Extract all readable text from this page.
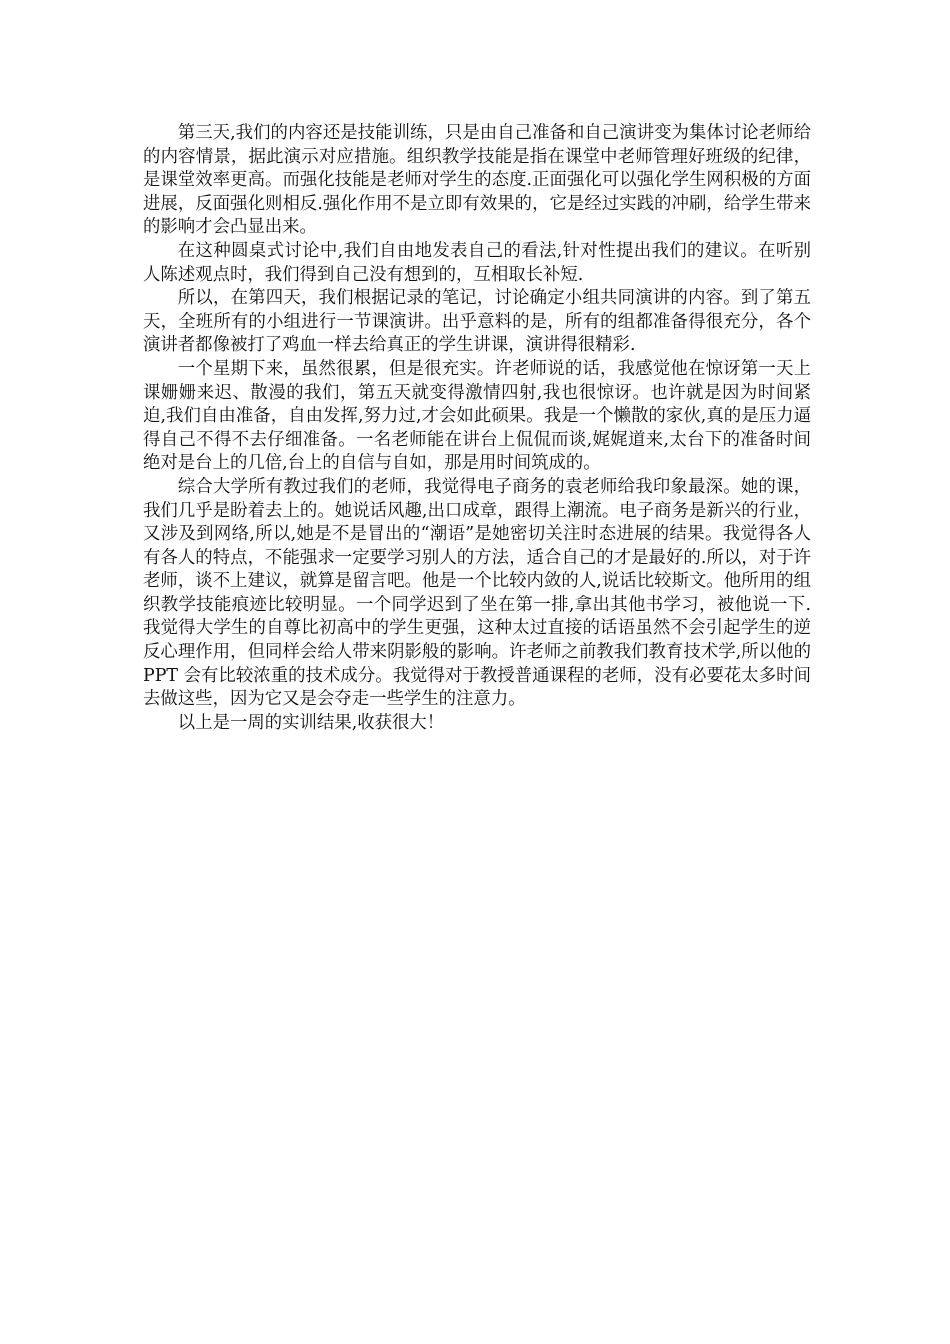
第三天,我们的内容还是技能训练，只是由自己准备和自己演讲变为集体讨论老师给的内容情景，据此演示对应措施。组织教学技能是指在课堂中老师管理好班级的纪律，是课堂效率更高。而强化技能是老师对学生的态度.正面强化可以强化学生网积极的方面进展，反面强化则相反.强化作用不是立即有效果的，它是经过实践的冲刷，给学生带来的影响才会凸显出来。

在这种圆桌式讨论中,我们自由地发表自己的看法,针对性提出我们的建议。在听别人陈述观点时，我们得到自己没有想到的，互相取长补短.

所以，在第四天，我们根据记录的笔记，讨论确定小组共同演讲的内容。到了第五天，全班所有的小组进行一节课演讲。出乎意料的是，所有的组都准备得很充分，各个演讲者都像被打了鸡血一样去给真正的学生讲课，演讲得很精彩.

一个星期下来，虽然很累，但是很充实。许老师说的话，我感觉他在惊讶第一天上课姗姗来迟、散漫的我们，第五天就变得激情四射,我也很惊讶。也许就是因为时间紧迫,我们自由准备，自由发挥,努力过,才会如此硕果。我是一个懒散的家伙,真的是压力逼得自己不得不去仔细准备。一名老师能在讲台上侃侃而谈,娓娓道来,太台下的准备时间绝对是台上的几倍,台上的自信与自如，那是用时间筑成的。

综合大学所有教过我们的老师，我觉得电子商务的袁老师给我印象最深。她的课，我们几乎是盼着去上的。她说话风趣,出口成章，跟得上潮流。电子商务是新兴的行业，又涉及到网络,所以,她是不是冒出的“潮语”是她密切关注时态进展的结果。我觉得各人有各人的特点，不能强求一定要学习别人的方法，适合自己的才是最好的.所以，对于许老师，谈不上建议，就算是留言吧。他是一个比较内敛的人,说话比较斯文。他所用的组织教学技能痕迹比较明显。一个同学迟到了坐在第一排,拿出其他书学习，被他说一下.我觉得大学生的自尊比初高中的学生更强，这种太过直接的话语虽然不会引起学生的逆反心理作用，但同样会给人带来阴影般的影响。许老师之前教我们教育技术学,所以他的 PPT 会有比较浓重的技术成分。我觉得对于教授普通课程的老师，没有必要花太多时间去做这些，因为它又是会夺走一些学生的注意力。

以上是一周的实训结果,收获很大！
